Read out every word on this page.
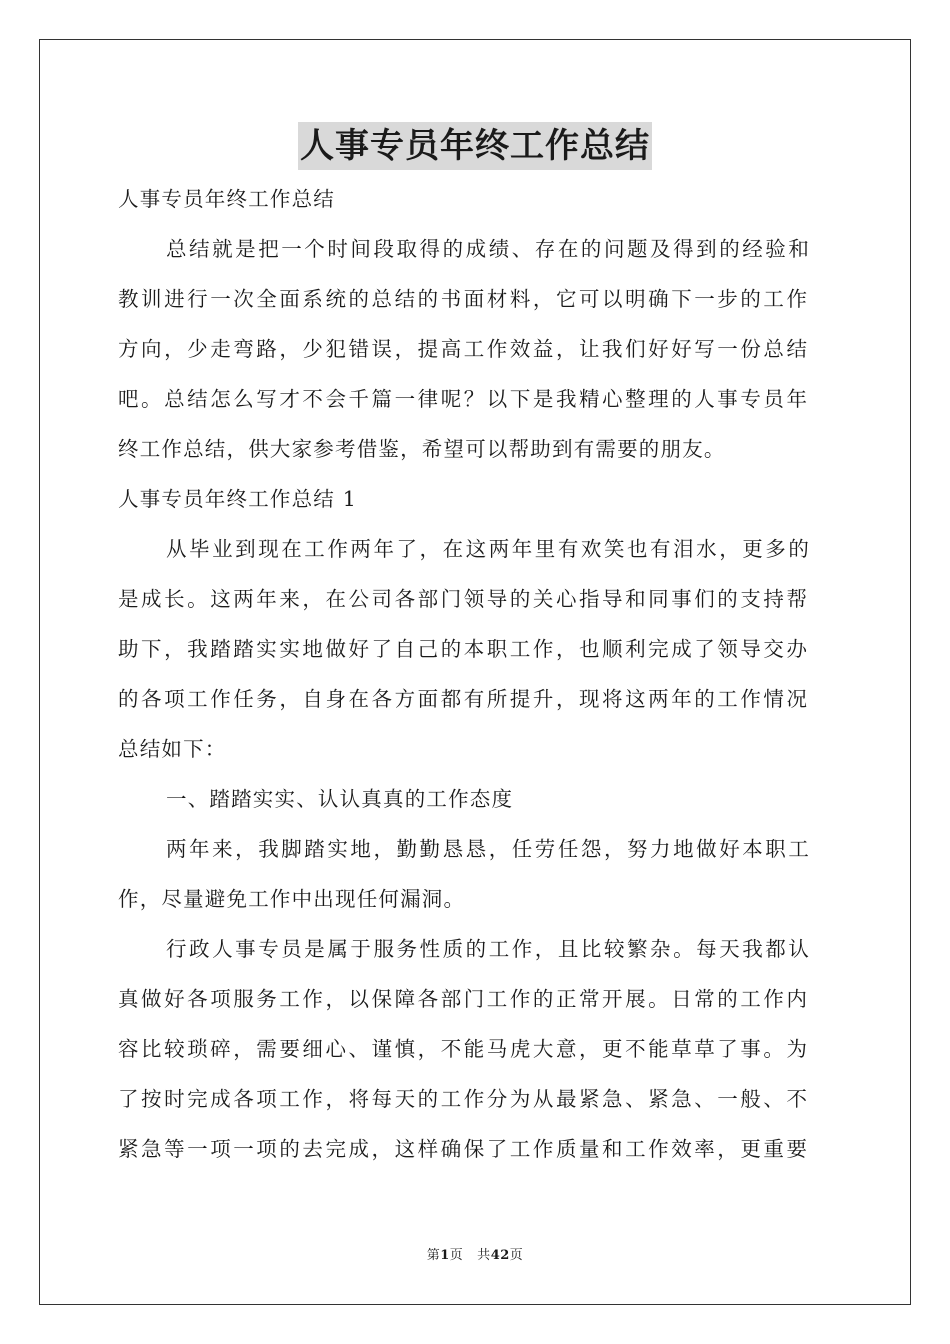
人事专员年终工作总结
人事专员年终工作总结
总结就是把一个时间段取得的成绩、存在的问题及得到的经验和
教训进行一次全面系统的总结的书面材料，它可以明确下一步的工作
方向，少走弯路，少犯错误，提高工作效益，让我们好好写一份总结
吧。总结怎么写才不会千篇一律呢？以下是我精心整理的人事专员年
终工作总结，供大家参考借鉴，希望可以帮助到有需要的朋友。
人事专员年终工作总结 1
从毕业到现在工作两年了，在这两年里有欢笑也有泪水，更多的
是成长。这两年来，在公司各部门领导的关心指导和同事们的支持帮
助下，我踏踏实实地做好了自己的本职工作，也顺利完成了领导交办
的各项工作任务，自身在各方面都有所提升，现将这两年的工作情况
总结如下：
一、踏踏实实、认认真真的工作态度
两年来，我脚踏实地，勤勤恳恳，任劳任怨，努力地做好本职工
作，尽量避免工作中出现任何漏洞。
行政人事专员是属于服务性质的工作，且比较繁杂。每天我都认
真做好各项服务工作，以保障各部门工作的正常开展。日常的工作内
容比较琐碎，需要细心、谨慎，不能马虎大意，更不能草草了事。为
了按时完成各项工作，将每天的工作分为从最紧急、紧急、一般、不
紧急等一项一项的去完成，这样确保了工作质量和工作效率，更重要
第1页 共42页
